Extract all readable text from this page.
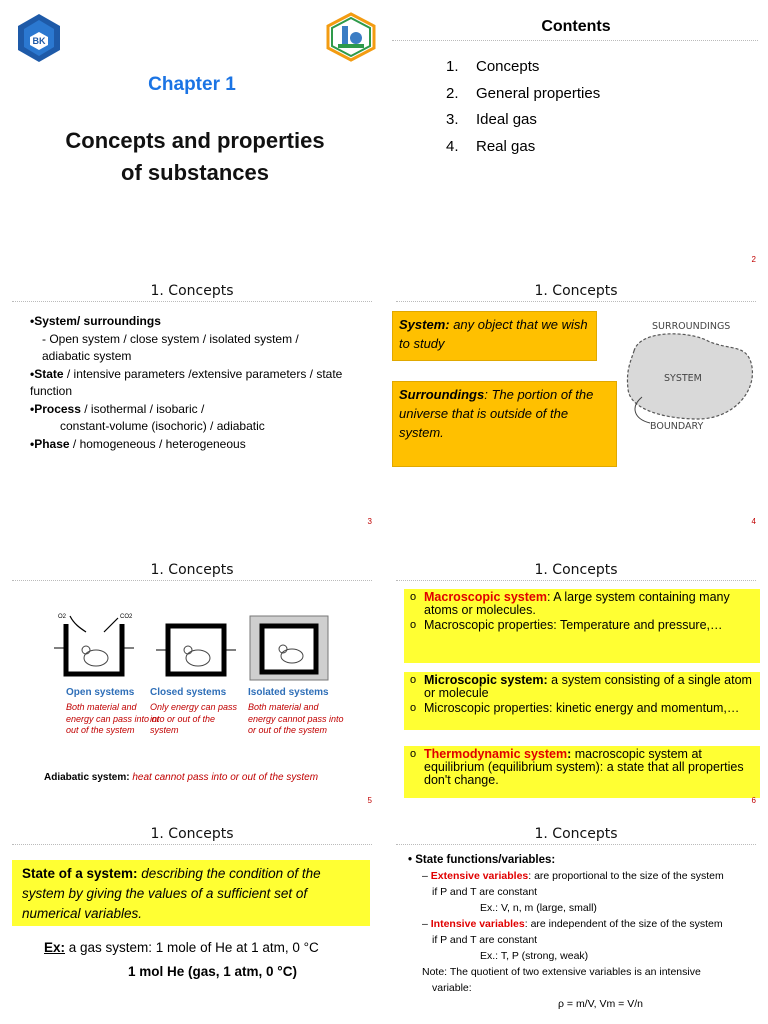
BK
Chapter 1
Concepts and properties
of substances
Contents
1.	Concepts
2.	General properties
3.	Ideal gas
4.	Real gas
2
1. Concepts
•System/ surroundings
- Open system / close system / isolated system /
adiabatic system
•State / intensive parameters /extensive parameters / state
function
•Process / isothermal / isobaric /
constant-volume (isochoric) / adiabatic
•Phase / homogeneous / heterogeneous
3
1. Concepts
System: any object that we wish to study
Surroundings: The portion of the universe that is outside of the system.
SURROUNDINGS
SYSTEM
BOUNDARY
4
1. Concepts
O2	CO2
Open systems
Both material and energy can pass into or out of the system
Closed systems
Only energy can pass into or out of the system
Isolated systems
Both material and energy cannot pass into or out of the system
Adiabatic system: heat cannot pass into or out of the system
5
1. Concepts
o Macroscopic system: A large system containing many atoms or molecules.
o Macroscopic properties: Temperature and pressure,…
o Microscopic system: a system consisting of a single atom or molecule
o Microscopic properties: kinetic energy and momentum,…
o Thermodynamic system: macroscopic system at equilibrium (equilibrium system): a state that all properties don't change.
6
1. Concepts
State of a system: describing the condition of the system by giving the values of a sufficient set of numerical variables.
Ex: a gas system: 1 mole of He at 1 atm, 0 °C
1 mol He (gas, 1 atm, 0 °C)
1. Concepts
• State functions/variables:
– Extensive variables: are proportional to the size of the system
if P and T are constant
Ex.: V, n, m (large, small)
– Intensive variables: are independent of the size of the system
if P and T are constant
Ex.: T, P (strong, weak)
Note: The quotient of two extensive variables is an intensive
variable:
ρ = m/V, Vm = V/n
